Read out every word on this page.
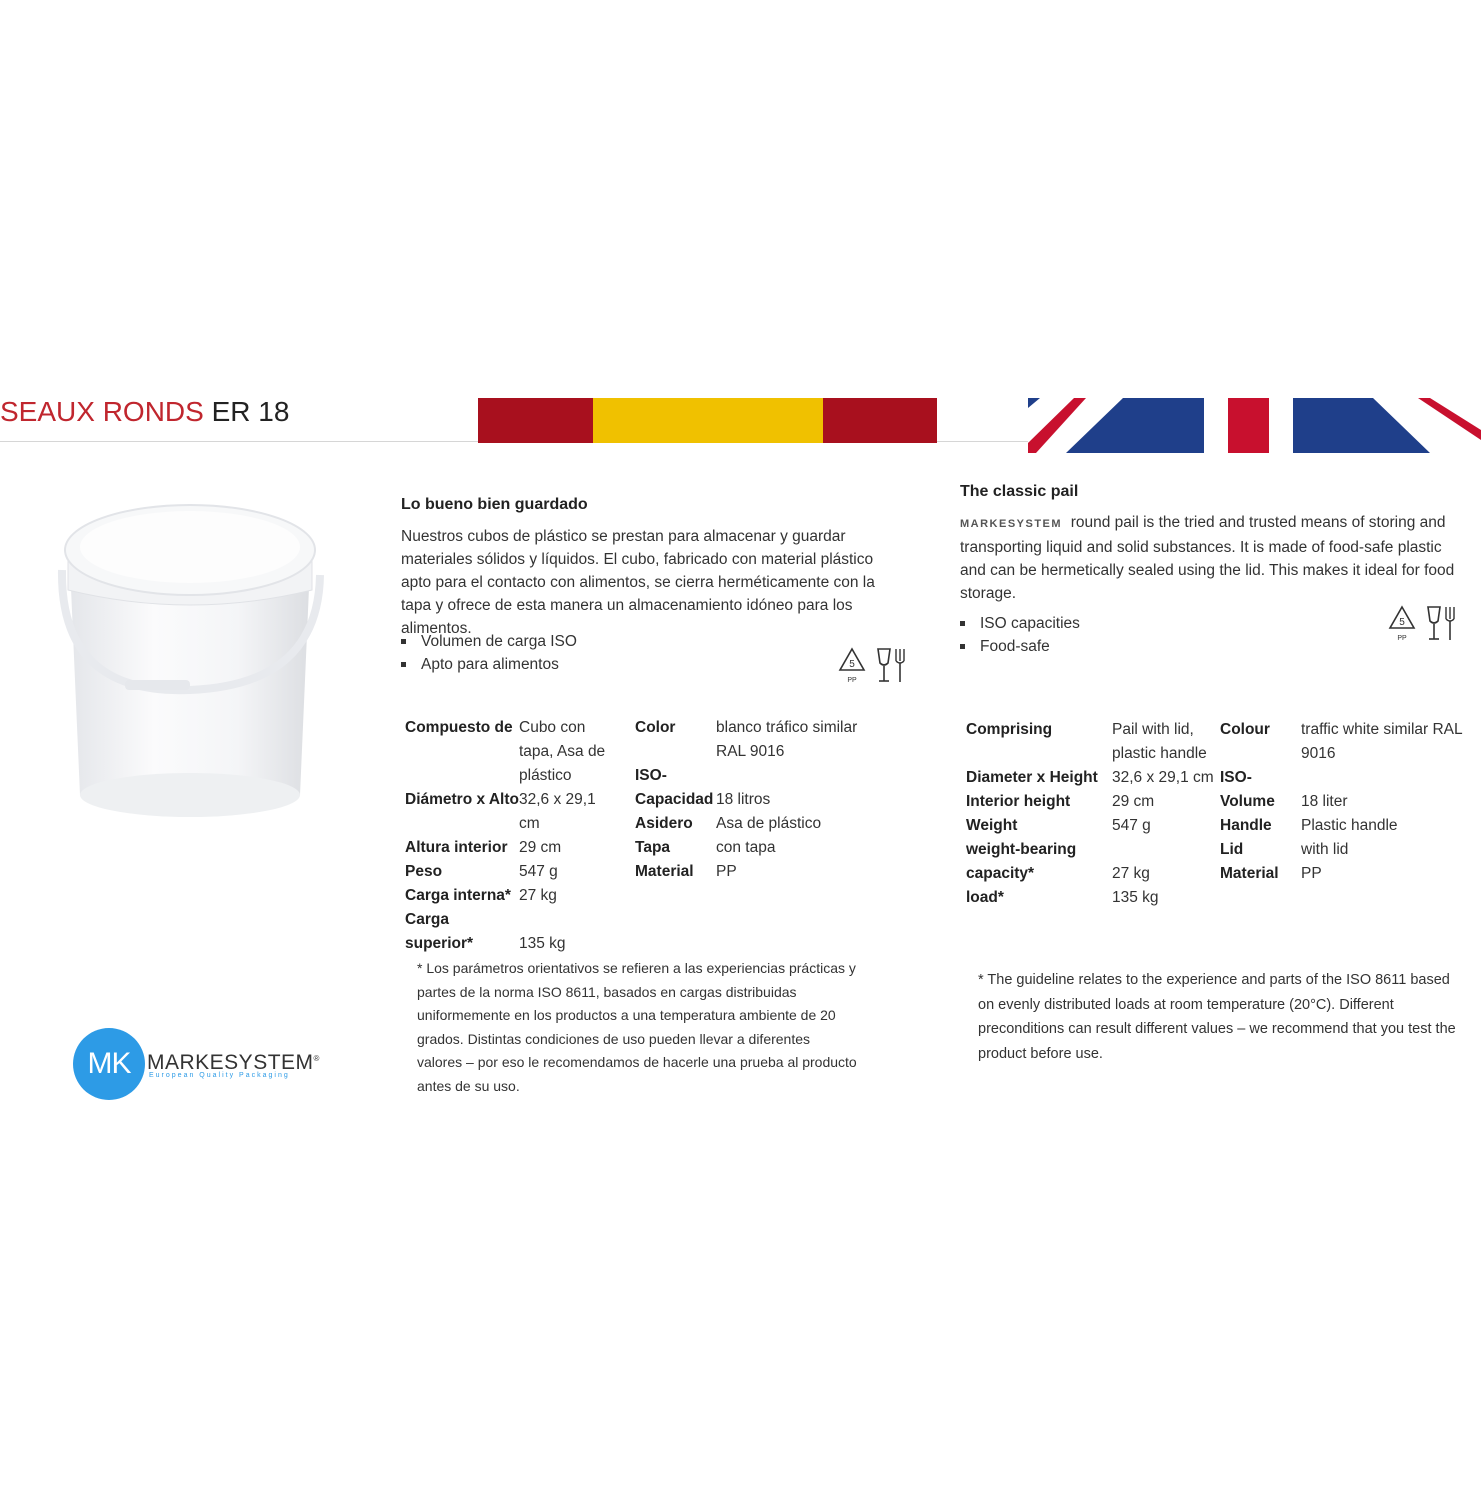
SEAUX RONDS ER 18
Lo bueno bien guardado
Nuestros cubos de plástico se prestan para almacenar y guardar materiales sólidos y líquidos. El cubo, fabricado con material plástico apto para el contacto con alimentos, se cierra herméticamente con la tapa y ofrece de esta manera un almacenamiento idóneo para los alimentos.
Volumen de carga ISO
Apto para alimentos	5
PP
Compuesto de	Cubo con tapa, Asa de plástico
Diámetro x Alto	32,6 x 29,1 cm
Altura interior	29 cm
Peso	547 g
Carga interna*	27 kg
Carga superior*	135 kg
Color	blanco tráfico similar RAL 9016
ISO-Capacidad	18 litros
Asidero	Asa de plástico
Tapa	con tapa
Material	PP
* Los parámetros orientativos se refieren a las experiencias prácticas y partes de la norma ISO 8611, basados en cargas distribuidas uniformemente en los productos a una temperatura ambiente de 20 grados. Distintas condiciones de uso pueden llevar a diferentes valores – por eso le recomendamos de hacerle una prueba al producto antes de su uso.
The classic pail
MARKESYSTEM round pail is the tried and trusted means of storing and transporting liquid and solid substances. It is made of food-safe plastic and can be hermetically sealed using the lid. This makes it ideal for food storage.
ISO capacities
Food-safe
5
PP
Comprising	Pail with lid, plastic handle
Diameter x Height	32,6 x 29,1 cm
Interior height	29 cm
Weight	547 g
weight-bearing capacity*	27 kg
load*	135 kg
Colour	traffic white similar RAL 9016
ISO-Volume	18 liter
Handle	Plastic handle
Lid	with lid
Material	PP
* The guideline relates to the experience and parts of the ISO 8611 based on evenly distributed loads at room temperature (20°C). Different preconditions can result different values – we recommend that you test the product before use.
MK MARKESYSTEM®
European Quality Packaging
